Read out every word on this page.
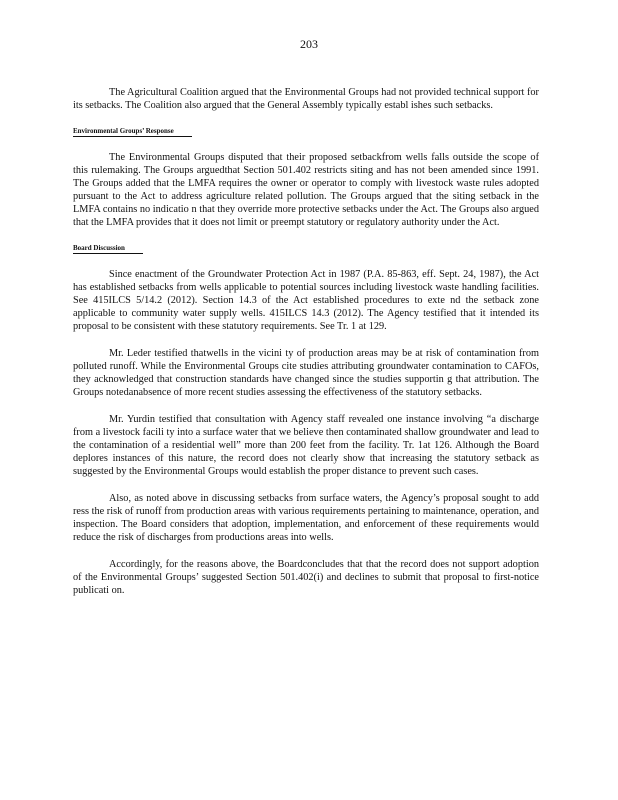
203

The Agricultural Coalition argued that the Environmental Groups had not provided technical support for its setbacks. The Coalition also argued that the General Assembly typically establ ishes such setbacks.

Environmental Groups’ Response

The Environmental Groups disputed that their proposed setbackfrom wells falls outside the scope of this rulemaking. The Groups arguedthat Section 501.402 restricts siting and has not been amended since 1991. The Groups added that the LMFA requires the owner or operator to comply with livestock waste rules adopted pursuant to the Act to address agriculture related pollution. The Groups argued that the siting setback in the LMFA contains no indicatio n that they override more protective setbacks under the Act. The Groups also argued that the LMFA provides that it does not limit or preempt statutory or regulatory authority under the Act.

Board Discussion

Since enactment of the Groundwater Protection Act in 1987 (P.A. 85-863, eff. Sept. 24, 1987), the Act has established setbacks from wells applicable to potential sources including livestock waste handling facilities. See 415ILCS 5/14.2 (2012). Section 14.3 of the Act established procedures to exte nd the setback zone applicable to community water supply wells. 415ILCS 14.3 (2012). The Agency testified that it intended its proposal to be consistent with these statutory requirements. See Tr. 1 at 129.

Mr. Leder testified thatwells in the vicini ty of production areas may be at risk of contamination from polluted runoff. While the Environmental Groups cite studies attributing groundwater contamination to CAFOs, they acknowledged that construction standards have changed since the studies supportin g that attribution. The Groups notedanabsence of more recent studies assessing the effectiveness of the statutory setbacks.

Mr. Yurdin testified that consultation with Agency staff revealed one instance involving “a discharge from a livestock facili ty into a surface water that we believe then contaminated shallow groundwater and lead to the contamination of a residential well” more than 200 feet from the facility. Tr. 1at 126. Although the Board deplores instances of this nature, the record does not clearly show that increasing the statutory setback as suggested by the Environmental Groups would establish the proper distance to prevent such cases.

Also, as noted above in discussing setbacks from surface waters, the Agency’s proposal sought to add ress the risk of runoff from production areas with various requirements pertaining to maintenance, operation, and inspection. The Board considers that adoption, implementation, and enforcement of these requirements would reduce the risk of discharges from productions areas into wells.

Accordingly, for the reasons above, the Boardconcludes that that the record does not support adoption of the Environmental Groups’ suggested Section 501.402(i) and declines to submit that proposal to first-notice publicati on.
